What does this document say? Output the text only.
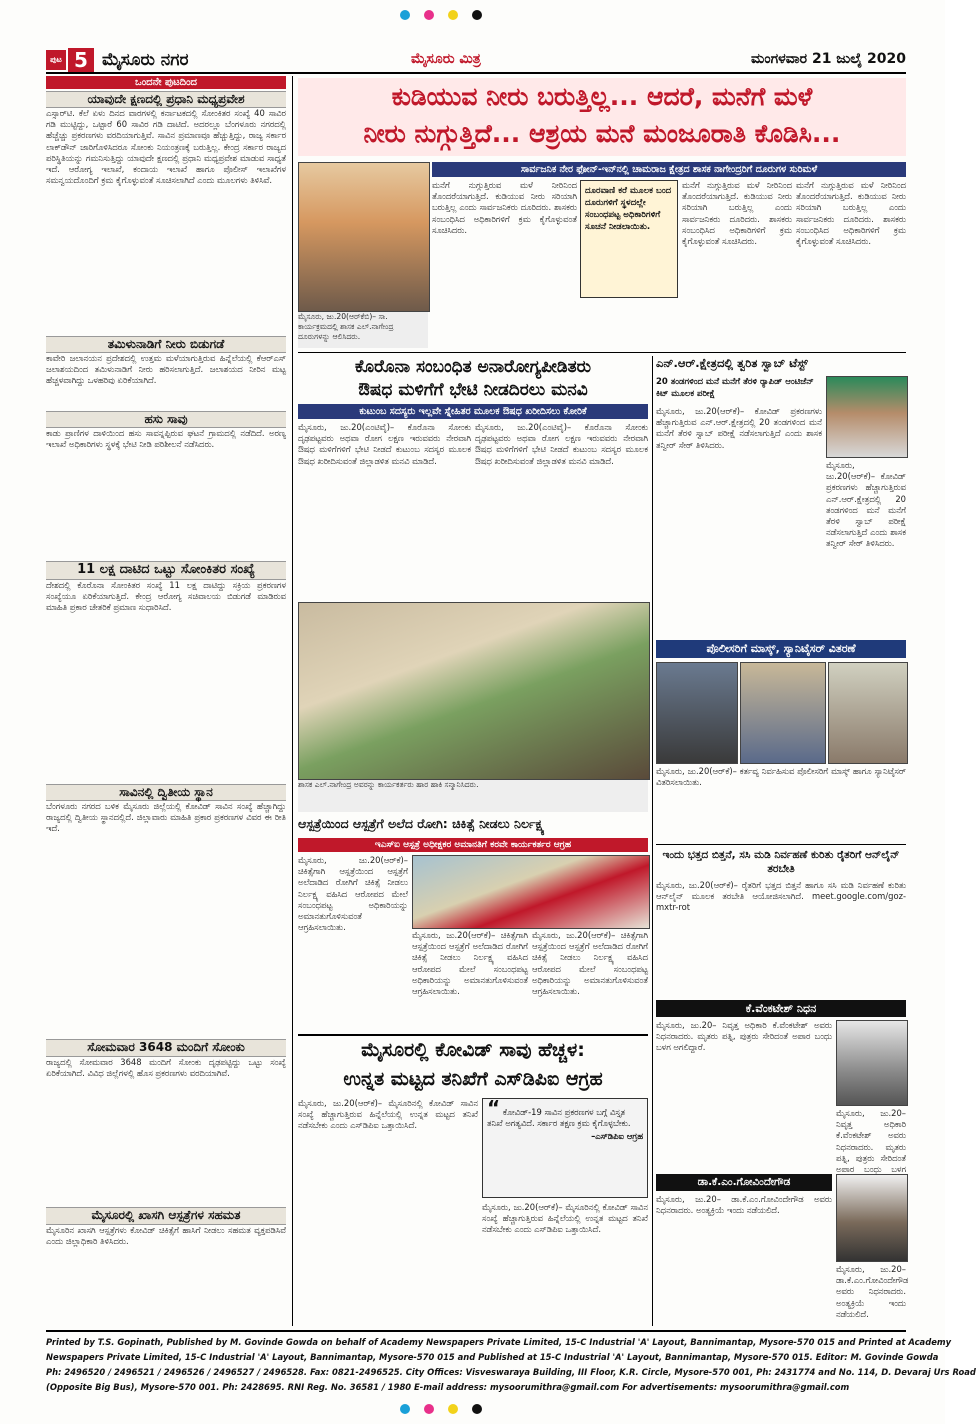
ಪುಟ 5 ಮೈಸೂರು ನಗರ	ಮೈಸೂರು ಮಿತ್ರ	ಮಂಗಳವಾರ 21 ಜುಲೈ 2020
ಒಂದನೇ ಪುಟದಿಂದ
ಯಾವುದೇ ಕ್ಷಣದಲ್ಲಿ ಪ್ರಧಾನಿ ಮಧ್ಯಪ್ರವೇಶ
ಎಸ್ಸಾರ್‌ಟಿ. ಕೆಲೆ ಏಳು ದಿನದ ವಾರಗಳಲ್ಲಿ ಕರ್ನಾಟಕದಲ್ಲಿ ಸೋಂಕಿತರ ಸಂಖ್ಯೆ 40 ಸಾವಿರ ಗಡಿ ಮುಟ್ಟಿದ್ದು, ಒಟ್ಟಾರೆ 60 ಸಾವಿರ ಗಡಿ ದಾಟಿದೆ. ಅದರಲ್ಲೂ ಬೆಂಗಳೂರು ನಗರದಲ್ಲಿ ಹೆಚ್ಚೆಚ್ಚು ಪ್ರಕರಣಗಳು ವರದಿಯಾಗುತ್ತಿವೆ. ಸಾವಿನ ಪ್ರಮಾಣವೂ ಹೆಚ್ಚುತ್ತಿದ್ದು, ರಾಜ್ಯ ಸರ್ಕಾರ ಲಾಕ್‌ಡೌನ್ ಜಾರಿಗೊಳಿಸಿದರೂ ಸೋಂಕು ನಿಯಂತ್ರಣಕ್ಕೆ ಬರುತ್ತಿಲ್ಲ. ಕೇಂದ್ರ ಸರ್ಕಾರ ರಾಜ್ಯದ ಪರಿಸ್ಥಿತಿಯನ್ನು ಗಮನಿಸುತ್ತಿದ್ದು ಯಾವುದೇ ಕ್ಷಣದಲ್ಲಿ ಪ್ರಧಾನಿ ಮಧ್ಯಪ್ರವೇಶ ಮಾಡುವ ಸಾಧ್ಯತೆ ಇದೆ. ಆರೋಗ್ಯ ಇಲಾಖೆ, ಕಂದಾಯ ಇಲಾಖೆ ಹಾಗೂ ಪೊಲೀಸ್ ಇಲಾಖೆಗಳ ಸಮನ್ವಯದೊಂದಿಗೆ ಕ್ರಮ ಕೈಗೊಳ್ಳುವಂತೆ ಸೂಚಿಸಲಾಗಿದೆ ಎಂದು ಮೂಲಗಳು ತಿಳಿಸಿವೆ.
ತಮಿಳುನಾಡಿಗೆ ನೀರು ಬಿಡುಗಡೆ
ಕಾವೇರಿ ಜಲಾನಯನ ಪ್ರದೇಶದಲ್ಲಿ ಉತ್ತಮ ಮಳೆಯಾಗುತ್ತಿರುವ ಹಿನ್ನೆಲೆಯಲ್ಲಿ ಕೆಆರ್‌ಎಸ್ ಜಲಾಶಯದಿಂದ ತಮಿಳುನಾಡಿಗೆ ನೀರು ಹರಿಸಲಾಗುತ್ತಿದೆ. ಜಲಾಶಯದ ನೀರಿನ ಮಟ್ಟ ಹೆಚ್ಚಳವಾಗಿದ್ದು ಒಳಹರಿವು ಏರಿಕೆಯಾಗಿದೆ.
ಹಸು ಸಾವು
ಕಾಡು ಪ್ರಾಣಿಗಳ ದಾಳಿಯಿಂದ ಹಸು ಸಾವನ್ನಪ್ಪಿರುವ ಘಟನೆ ಗ್ರಾಮದಲ್ಲಿ ನಡೆದಿದೆ. ಅರಣ್ಯ ಇಲಾಖೆ ಅಧಿಕಾರಿಗಳು ಸ್ಥಳಕ್ಕೆ ಭೇಟಿ ನೀಡಿ ಪರಿಶೀಲನೆ ನಡೆಸಿದರು.
11 ಲಕ್ಷ ದಾಟಿದ ಒಟ್ಟು ಸೋಂಕಿತರ ಸಂಖ್ಯೆ
ದೇಶದಲ್ಲಿ ಕೊರೊನಾ ಸೋಂಕಿತರ ಸಂಖ್ಯೆ 11 ಲಕ್ಷ ದಾಟಿದ್ದು ಸಕ್ರಿಯ ಪ್ರಕರಣಗಳ ಸಂಖ್ಯೆಯೂ ಏರಿಕೆಯಾಗುತ್ತಿದೆ. ಕೇಂದ್ರ ಆರೋಗ್ಯ ಸಚಿವಾಲಯ ಬಿಡುಗಡೆ ಮಾಡಿರುವ ಮಾಹಿತಿ ಪ್ರಕಾರ ಚೇತರಿಕೆ ಪ್ರಮಾಣ ಸುಧಾರಿಸಿದೆ.
ಸಾವಿನಲ್ಲಿ ದ್ವಿತೀಯ ಸ್ಥಾನ
ಬೆಂಗಳೂರು ನಗರದ ಬಳಿಕ ಮೈಸೂರು ಜಿಲ್ಲೆಯಲ್ಲಿ ಕೋವಿಡ್ ಸಾವಿನ ಸಂಖ್ಯೆ ಹೆಚ್ಚಾಗಿದ್ದು ರಾಜ್ಯದಲ್ಲಿ ದ್ವಿತೀಯ ಸ್ಥಾನದಲ್ಲಿದೆ. ಜಿಲ್ಲಾವಾರು ಮಾಹಿತಿ ಪ್ರಕಾರ ಪ್ರಕರಣಗಳ ವಿವರ ಈ ರೀತಿ ಇದೆ.
ಸೋಮವಾರ 3648 ಮಂದಿಗೆ ಸೋಂಕು
ರಾಜ್ಯದಲ್ಲಿ ಸೋಮವಾರ 3648 ಮಂದಿಗೆ ಸೋಂಕು ದೃಢಪಟ್ಟಿದ್ದು ಒಟ್ಟು ಸಂಖ್ಯೆ ಏರಿಕೆಯಾಗಿದೆ. ವಿವಿಧ ಜಿಲ್ಲೆಗಳಲ್ಲಿ ಹೊಸ ಪ್ರಕರಣಗಳು ವರದಿಯಾಗಿವೆ.
ಮೈಸೂರಲ್ಲಿ ಖಾಸಗಿ ಆಸ್ಪತ್ರೆಗಳ ಸಹಮತ
ಮೈಸೂರಿನ ಖಾಸಗಿ ಆಸ್ಪತ್ರೆಗಳು ಕೋವಿಡ್ ಚಿಕಿತ್ಸೆಗೆ ಹಾಸಿಗೆ ನೀಡಲು ಸಹಮತ ವ್ಯಕ್ತಪಡಿಸಿವೆ ಎಂದು ಜಿಲ್ಲಾಧಿಕಾರಿ ತಿಳಿಸಿದರು.
ಕುಡಿಯುವ ನೀರು ಬರುತ್ತಿಲ್ಲ... ಆದರೆ, ಮನೆಗೆ ಮಳೆ
ನೀರು ನುಗ್ಗುತ್ತಿದೆ... ಆಶ್ರಯ ಮನೆ ಮಂಜೂರಾತಿ ಕೊಡಿಸಿ...
ಮೈಸೂರು, ಜು.20(ಆರ್‌ಕೆಬಿ)– ಸಾ. ಕಾರ್ಯಕ್ರಮದಲ್ಲಿ ಶಾಸಕ ಎಲ್.ನಾಗೇಂದ್ರ ದೂರುಗಳನ್ನು ಆಲಿಸಿದರು.
ಸಾರ್ವಜನಿಕ ನೇರ ಫೋನ್-ಇನ್‌ನಲ್ಲಿ ಚಾಮರಾಜ ಕ್ಷೇತ್ರದ ಶಾಸಕ ನಾಗೇಂದ್ರರಿಗೆ ದೂರುಗಳ ಸುರಿಮಳೆ
ಮನೆಗೆ ನುಗ್ಗುತ್ತಿರುವ ಮಳೆ ನೀರಿನಿಂದ ತೊಂದರೆಯಾಗುತ್ತಿದೆ. ಕುಡಿಯುವ ನೀರು ಸರಿಯಾಗಿ ಬರುತ್ತಿಲ್ಲ ಎಂದು ಸಾರ್ವಜನಿಕರು ದೂರಿದರು. ಶಾಸಕರು ಸಂಬಂಧಿಸಿದ ಅಧಿಕಾರಿಗಳಿಗೆ ಕ್ರಮ ಕೈಗೊಳ್ಳುವಂತೆ ಸೂಚಿಸಿದರು.
ದೂರವಾಣಿ ಕರೆ ಮೂಲಕ ಬಂದ ದೂರುಗಳಿಗೆ ಸ್ಥಳದಲ್ಲೇ ಸಂಬಂಧಪಟ್ಟ ಅಧಿಕಾರಿಗಳಿಗೆ ಸೂಚನೆ ನೀಡಲಾಯಿತು.
ಮನೆಗೆ ನುಗ್ಗುತ್ತಿರುವ ಮಳೆ ನೀರಿನಿಂದ ತೊಂದರೆಯಾಗುತ್ತಿದೆ. ಕುಡಿಯುವ ನೀರು ಸರಿಯಾಗಿ ಬರುತ್ತಿಲ್ಲ ಎಂದು ಸಾರ್ವಜನಿಕರು ದೂರಿದರು. ಶಾಸಕರು ಸಂಬಂಧಿಸಿದ ಅಧಿಕಾರಿಗಳಿಗೆ ಕ್ರಮ ಕೈಗೊಳ್ಳುವಂತೆ ಸೂಚಿಸಿದರು.
ಮನೆಗೆ ನುಗ್ಗುತ್ತಿರುವ ಮಳೆ ನೀರಿನಿಂದ ತೊಂದರೆಯಾಗುತ್ತಿದೆ. ಕುಡಿಯುವ ನೀರು ಸರಿಯಾಗಿ ಬರುತ್ತಿಲ್ಲ ಎಂದು ಸಾರ್ವಜನಿಕರು ದೂರಿದರು. ಶಾಸಕರು ಸಂಬಂಧಿಸಿದ ಅಧಿಕಾರಿಗಳಿಗೆ ಕ್ರಮ ಕೈಗೊಳ್ಳುವಂತೆ ಸೂಚಿಸಿದರು.
ಕೊರೊನಾ ಸಂಬಂಧಿತ ಅನಾರೋಗ್ಯಪೀಡಿತರು
ಔಷಧ ಮಳಿಗೆಗೆ ಭೇಟಿ ನೀಡದಿರಲು ಮನವಿ
ಕುಟುಂಬ ಸದಸ್ಯರು ಇಲ್ಲವೇ ಸ್ನೇಹಿತರ ಮೂಲಕ ಔಷಧ ಖರೀದಿಸಲು ಕೋರಿಕೆ
ಮೈಸೂರು, ಜು.20(ಎಂಟಿವೈ)– ಕೊರೊನಾ ಸೋಂಕು ದೃಢಪಟ್ಟವರು ಅಥವಾ ರೋಗ ಲಕ್ಷಣ ಇರುವವರು ನೇರವಾಗಿ ಔಷಧ ಮಳಿಗೆಗಳಿಗೆ ಭೇಟಿ ನೀಡದೆ ಕುಟುಂಬ ಸದಸ್ಯರ ಮೂಲಕ ಔಷಧ ಖರೀದಿಸುವಂತೆ ಜಿಲ್ಲಾಡಳಿತ ಮನವಿ ಮಾಡಿದೆ.
ಮೈಸೂರು, ಜು.20(ಎಂಟಿವೈ)– ಕೊರೊನಾ ಸೋಂಕು ದೃಢಪಟ್ಟವರು ಅಥವಾ ರೋಗ ಲಕ್ಷಣ ಇರುವವರು ನೇರವಾಗಿ ಔಷಧ ಮಳಿಗೆಗಳಿಗೆ ಭೇಟಿ ನೀಡದೆ ಕುಟುಂಬ ಸದಸ್ಯರ ಮೂಲಕ ಔಷಧ ಖರೀದಿಸುವಂತೆ ಜಿಲ್ಲಾಡಳಿತ ಮನವಿ ಮಾಡಿದೆ.
ಶಾಸಕ ಎಲ್.ನಾಗೇಂದ್ರ ಅವರನ್ನು ಕಾರ್ಯಕರ್ತರು ಹಾರ ಹಾಕಿ ಸನ್ಮಾನಿಸಿದರು.
ಆಸ್ಪತ್ರೆಯಿಂದ ಆಸ್ಪತ್ರೆಗೆ ಅಲೆದ ರೋಗಿ: ಚಿಕಿತ್ಸೆ ನೀಡಲು ನಿರ್ಲಕ್ಷ್ಯ
ಇಎಸ್‌ಐ ಆಸ್ಪತ್ರೆ ಅಧೀಕ್ಷಕರ ಅಮಾನತಿಗೆ ಕರವೇ ಕಾರ್ಯಕರ್ತರ ಆಗ್ರಹ
ಮೈಸೂರು, ಜು.20(ಆರ್‌ಕೆ)– ಚಿಕಿತ್ಸೆಗಾಗಿ ಆಸ್ಪತ್ರೆಯಿಂದ ಆಸ್ಪತ್ರೆಗೆ ಅಲೆದಾಡಿದ ರೋಗಿಗೆ ಚಿಕಿತ್ಸೆ ನೀಡಲು ನಿರ್ಲಕ್ಷ್ಯ ವಹಿಸಿದ ಆರೋಪದ ಮೇಲೆ ಸಂಬಂಧಪಟ್ಟ ಅಧಿಕಾರಿಯನ್ನು ಅಮಾನತುಗೊಳಿಸುವಂತೆ ಆಗ್ರಹಿಸಲಾಯಿತು.
ಮೈಸೂರು, ಜು.20(ಆರ್‌ಕೆ)– ಚಿಕಿತ್ಸೆಗಾಗಿ ಆಸ್ಪತ್ರೆಯಿಂದ ಆಸ್ಪತ್ರೆಗೆ ಅಲೆದಾಡಿದ ರೋಗಿಗೆ ಚಿಕಿತ್ಸೆ ನೀಡಲು ನಿರ್ಲಕ್ಷ್ಯ ವಹಿಸಿದ ಆರೋಪದ ಮೇಲೆ ಸಂಬಂಧಪಟ್ಟ ಅಧಿಕಾರಿಯನ್ನು ಅಮಾನತುಗೊಳಿಸುವಂತೆ ಆಗ್ರಹಿಸಲಾಯಿತು.
ಮೈಸೂರು, ಜು.20(ಆರ್‌ಕೆ)– ಚಿಕಿತ್ಸೆಗಾಗಿ ಆಸ್ಪತ್ರೆಯಿಂದ ಆಸ್ಪತ್ರೆಗೆ ಅಲೆದಾಡಿದ ರೋಗಿಗೆ ಚಿಕಿತ್ಸೆ ನೀಡಲು ನಿರ್ಲಕ್ಷ್ಯ ವಹಿಸಿದ ಆರೋಪದ ಮೇಲೆ ಸಂಬಂಧಪಟ್ಟ ಅಧಿಕಾರಿಯನ್ನು ಅಮಾನತುಗೊಳಿಸುವಂತೆ ಆಗ್ರಹಿಸಲಾಯಿತು.
ಮೈಸೂರಲ್ಲಿ ಕೋವಿಡ್ ಸಾವು ಹೆಚ್ಚಳ:
ಉನ್ನತ ಮಟ್ಟದ ತನಿಖೆಗೆ ಎಸ್‌ಡಿಪಿಐ ಆಗ್ರಹ
ಮೈಸೂರು, ಜು.20(ಆರ್‌ಕೆ)– ಮೈಸೂರಿನಲ್ಲಿ ಕೋವಿಡ್ ಸಾವಿನ ಸಂಖ್ಯೆ ಹೆಚ್ಚಾಗುತ್ತಿರುವ ಹಿನ್ನೆಲೆಯಲ್ಲಿ ಉನ್ನತ ಮಟ್ಟದ ತನಿಖೆ ನಡೆಸಬೇಕು ಎಂದು ಎಸ್‌ಡಿಪಿಐ ಒತ್ತಾಯಿಸಿದೆ.
“ ಕೋವಿಡ್-19 ಸಾವಿನ ಪ್ರಕರಣಗಳ ಬಗ್ಗೆ ವಿಸ್ತೃತ ತನಿಖೆ ಅಗತ್ಯವಿದೆ. ಸರ್ಕಾರ ತಕ್ಷಣ ಕ್ರಮ ಕೈಗೊಳ್ಳಬೇಕು.
–ಎಸ್‌ಡಿಪಿಐ ಆಗ್ರಹ
ಮೈಸೂರು, ಜು.20(ಆರ್‌ಕೆ)– ಮೈಸೂರಿನಲ್ಲಿ ಕೋವಿಡ್ ಸಾವಿನ ಸಂಖ್ಯೆ ಹೆಚ್ಚಾಗುತ್ತಿರುವ ಹಿನ್ನೆಲೆಯಲ್ಲಿ ಉನ್ನತ ಮಟ್ಟದ ತನಿಖೆ ನಡೆಸಬೇಕು ಎಂದು ಎಸ್‌ಡಿಪಿಐ ಒತ್ತಾಯಿಸಿದೆ.
ಎನ್.ಆರ್.ಕ್ಷೇತ್ರದಲ್ಲಿ ತ್ವರಿತ ಸ್ವಾಬ್ ಟೆಸ್ಟ್
20 ತಂಡಗಳಿಂದ ಮನೆ ಮನೆಗೆ ತೆರಳಿ ರ‍್ಯಾಪಿಡ್ ಆಂಟಿಜೆನ್ ಕಿಟ್ ಮೂಲಕ ಪರೀಕ್ಷೆ
ಮೈಸೂರು, ಜು.20(ಆರ್‌ಕೆ)– ಕೋವಿಡ್ ಪ್ರಕರಣಗಳು ಹೆಚ್ಚಾಗುತ್ತಿರುವ ಎನ್.ಆರ್.ಕ್ಷೇತ್ರದಲ್ಲಿ 20 ತಂಡಗಳಿಂದ ಮನೆ ಮನೆಗೆ ತೆರಳಿ ಸ್ವಾಬ್ ಪರೀಕ್ಷೆ ನಡೆಸಲಾಗುತ್ತಿದೆ ಎಂದು ಶಾಸಕ ತನ್ವೀರ್ ಸೇಠ್ ತಿಳಿಸಿದರು.
ಮೈಸೂರು, ಜು.20(ಆರ್‌ಕೆ)– ಕೋವಿಡ್ ಪ್ರಕರಣಗಳು ಹೆಚ್ಚಾಗುತ್ತಿರುವ ಎನ್.ಆರ್.ಕ್ಷೇತ್ರದಲ್ಲಿ 20 ತಂಡಗಳಿಂದ ಮನೆ ಮನೆಗೆ ತೆರಳಿ ಸ್ವಾಬ್ ಪರೀಕ್ಷೆ ನಡೆಸಲಾಗುತ್ತಿದೆ ಎಂದು ಶಾಸಕ ತನ್ವೀರ್ ಸೇಠ್ ತಿಳಿಸಿದರು.
ಪೊಲೀಸರಿಗೆ ಮಾಸ್ಕ್, ಸ್ಯಾನಿಟೈಸರ್ ವಿತರಣೆ
ಮೈಸೂರು, ಜು.20(ಆರ್‌ಕೆ)– ಕರ್ತವ್ಯ ನಿರ್ವಹಿಸುವ ಪೊಲೀಸರಿಗೆ ಮಾಸ್ಕ್ ಹಾಗೂ ಸ್ಯಾನಿಟೈಸರ್ ವಿತರಿಸಲಾಯಿತು.
ಇಂದು ಭತ್ತದ ಬಿತ್ತನೆ, ಸಸಿ ಮಡಿ ನಿರ್ವಹಣೆ ಕುರಿತು ರೈತರಿಗೆ ಆನ್‌ಲೈನ್ ತರಬೇತಿ
ಮೈಸೂರು, ಜು.20(ಆರ್‌ಕೆ)– ರೈತರಿಗೆ ಭತ್ತದ ಬಿತ್ತನೆ ಹಾಗೂ ಸಸಿ ಮಡಿ ನಿರ್ವಹಣೆ ಕುರಿತು ಆನ್‌ಲೈನ್ ಮೂಲಕ ತರಬೇತಿ ಆಯೋಜಿಸಲಾಗಿದೆ. meet.google.com/goz-mxtr-rot
ಕೆ.ವೆಂಕಟೇಶ್ ನಿಧನ
ಮೈಸೂರು, ಜು.20– ನಿವೃತ್ತ ಅಧಿಕಾರಿ ಕೆ.ವೆಂಕಟೇಶ್ ಅವರು ನಿಧನರಾದರು. ಮೃತರು ಪತ್ನಿ, ಪುತ್ರರು ಸೇರಿದಂತೆ ಅಪಾರ ಬಂಧು ಬಳಗ ಅಗಲಿದ್ದಾರೆ.
ಮೈಸೂರು, ಜು.20– ನಿವೃತ್ತ ಅಧಿಕಾರಿ ಕೆ.ವೆಂಕಟೇಶ್ ಅವರು ನಿಧನರಾದರು. ಮೃತರು ಪತ್ನಿ, ಪುತ್ರರು ಸೇರಿದಂತೆ ಅಪಾರ ಬಂಧು ಬಳಗ
ಡಾ.ಕೆ.ಎಂ.ಗೋವಿಂದೇಗೌಡ
ಮೈಸೂರು, ಜು.20– ಡಾ.ಕೆ.ಎಂ.ಗೋವಿಂದೇಗೌಡ ಅವರು ನಿಧನರಾದರು. ಅಂತ್ಯಕ್ರಿಯೆ ಇಂದು ನಡೆಯಲಿದೆ.
ಮೈಸೂರು, ಜು.20– ಡಾ.ಕೆ.ಎಂ.ಗೋವಿಂದೇಗೌಡ ಅವರು ನಿಧನರಾದರು. ಅಂತ್ಯಕ್ರಿಯೆ ಇಂದು ನಡೆಯಲಿದೆ.
Printed by T.S. Gopinath, Published by M. Govinde Gowda on behalf of Academy Newspapers Private Limited, 15-C Industrial 'A' Layout, Bannimantap, Mysore-570 015 and Printed at Academy
Newspapers Private Limited, 15-C Industrial 'A' Layout, Bannimantap, Mysore-570 015 and Published at 15-C Industrial 'A' Layout, Bannimantap, Mysore-570 015. Editor: M. Govinde Gowda
Ph: 2496520 / 2496521 / 2496526 / 2496527 / 2496528. Fax: 0821-2496525. City Offices: Visveswaraya Building, III Floor, K.R. Circle, Mysore-570 001, Ph: 2431774 and No. 114, D. Devaraj Urs Road
(Opposite Big Bus), Mysore-570 001. Ph: 2428695. RNI Reg. No. 36581 / 1980 E-mail address: mysoorumithra@gmail.com For advertisements: mysoorumithra@gmail.com
